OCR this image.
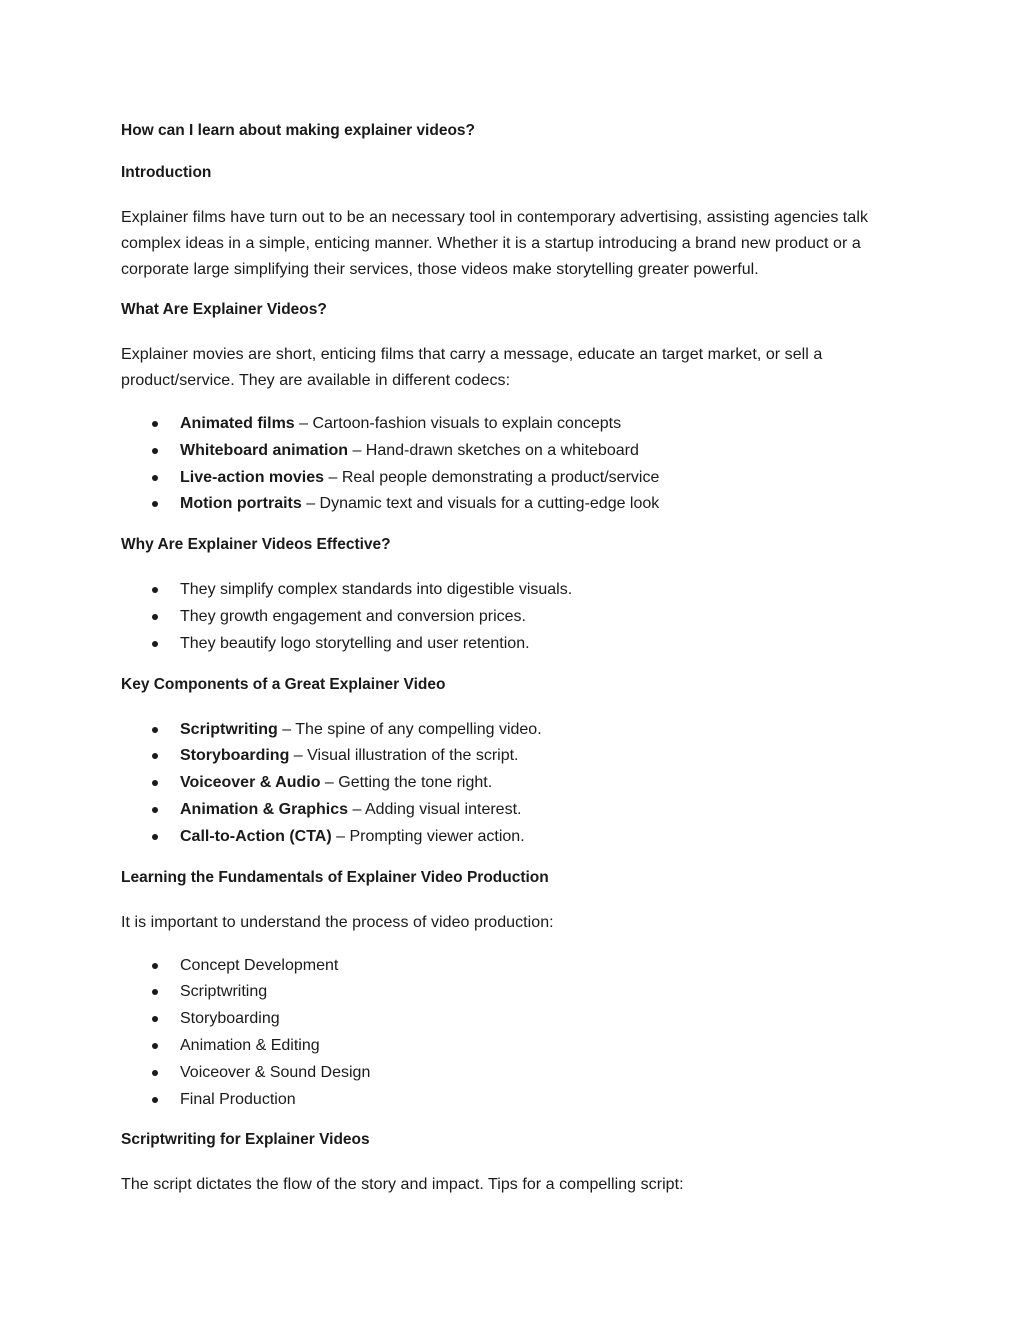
How can I learn about making explainer videos?

Introduction

Explainer films have turn out to be an necessary tool in contemporary advertising, assisting agencies talk complex ideas in a simple, enticing manner. Whether it is a startup introducing a brand new product or a corporate large simplifying their services, those videos make storytelling greater powerful.

What Are Explainer Videos?

Explainer movies are short, enticing films that carry a message, educate an target market, or sell a product/service. They are available in different codecs:

Animated films – Cartoon-fashion visuals to explain concepts
Whiteboard animation – Hand-drawn sketches on a whiteboard
Live-action movies – Real people demonstrating a product/service
Motion portraits – Dynamic text and visuals for a cutting-edge look

Why Are Explainer Videos Effective?

They simplify complex standards into digestible visuals.
They growth engagement and conversion prices.
They beautify logo storytelling and user retention.

Key Components of a Great Explainer Video

Scriptwriting – The spine of any compelling video.
Storyboarding – Visual illustration of the script.
Voiceover & Audio – Getting the tone right.
Animation & Graphics – Adding visual interest.
Call-to-Action (CTA) – Prompting viewer action.

Learning the Fundamentals of Explainer Video Production

It is important to understand the process of video production:

Concept Development
Scriptwriting
Storyboarding
Animation & Editing
Voiceover & Sound Design
Final Production

Scriptwriting for Explainer Videos

The script dictates the flow of the story and impact. Tips for a compelling script:
